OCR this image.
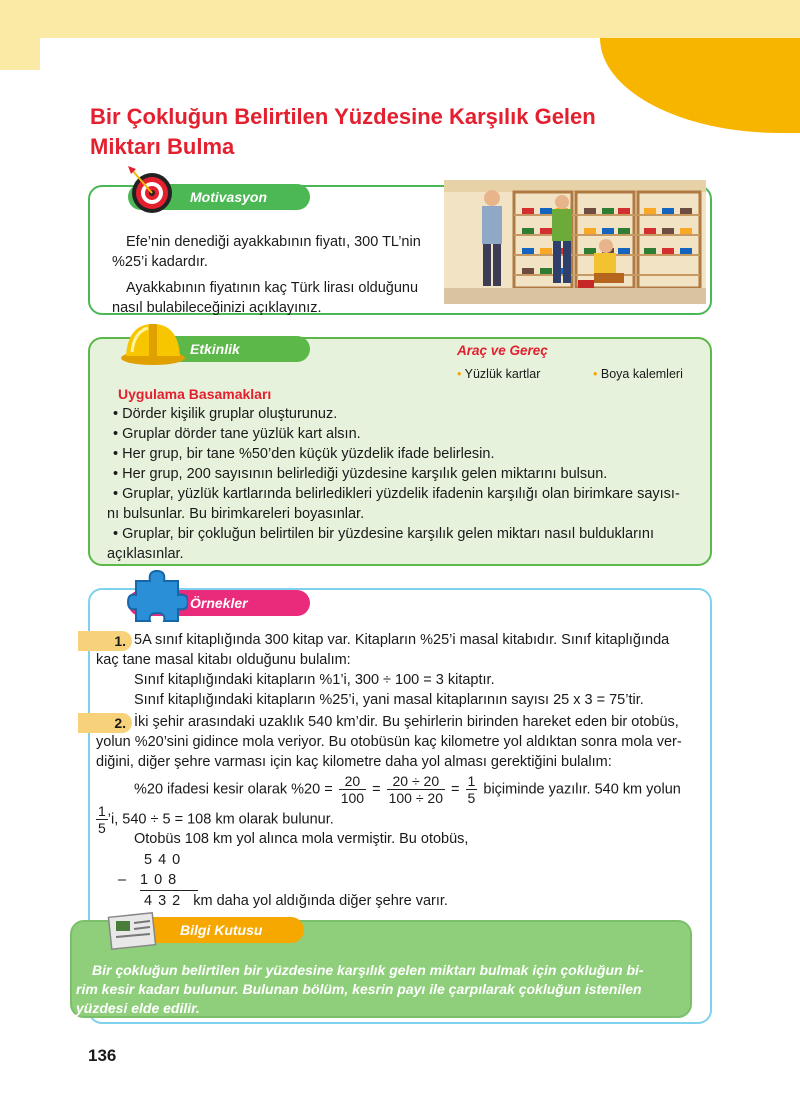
Bir Çokluğun Belirtilen Yüzdesine Karşılık Gelen
Miktarı Bulma
Motivasyon
Efe’nin denediği ayakkabının fiyatı, 300 TL’nin
%25’i kadardır.
Ayakkabının fiyatının kaç Türk lirası olduğunu
nasıl bulabileceğinizi açıklayınız.
Etkinlik	Araç ve Gereç
• Yüzlük kartlar	• Boya kalemleri
Uygulama Basamakları
• Dörder kişilik gruplar oluşturunuz.
• Gruplar dörder tane yüzlük kart alsın.
• Her grup, bir tane %50’den küçük yüzdelik ifade belirlesin.
• Her grup, 200 sayısının belirlediği yüzdesine karşılık gelen miktarını bulsun.
• Gruplar, yüzlük kartlarında belirledikleri yüzdelik ifadenin karşılığı olan birimkare sayısı-
nı bulsunlar. Bu birimkareleri boyasınlar.
• Gruplar, bir çokluğun belirtilen bir yüzdesine karşılık gelen miktarı nasıl bulduklarını
açıklasınlar.
Örnekler
1. 5A sınıf kitaplığında 300 kitap var. Kitapların %25’i masal kitabıdır. Sınıf kitaplığında
kaç tane masal kitabı olduğunu bulalım:
Sınıf kitaplığındaki kitapların %1’i, 300 ÷ 100 = 3 kitaptır.
Sınıf kitaplığındaki kitapların %25’i, yani masal kitaplarının sayısı 25 x 3 = 75’tir.
2. İki şehir arasındaki uzaklık 540 km’dir. Bu şehirlerin birinden hareket eden bir otobüs,
yolun %20’sini gidince mola veriyor. Bu otobüsün kaç kilometre yol aldıktan sonra mola ver-
diğini, diğer şehre varması için kaç kilometre daha yol alması gerektiğini bulalım:
%20 ifadesi kesir olarak $\%20 = \frac{20}{100} = \frac{20 \div 20}{100 \div 20} = \frac{1}{5}$ biçiminde yazılır. 540 km yolun
$\frac{1}{5}$ ’i, 540 ÷ 5 = 108 km olarak bulunur.
Otobüs 108 km yol alınca mola vermiştir. Bu otobüs,
5 4 0
– 1 0 8
4 3 2 km daha yol aldığında diğer şehre varır.
Bilgi Kutusu
Bir çokluğun belirtilen bir yüzdesine karşılık gelen miktarı bulmak için çokluğun bi-
rim kesir kadarı bulunur. Bulunan bölüm, kesrin payı ile çarpılarak çokluğun istenilen
yüzdesi elde edilir.
136
